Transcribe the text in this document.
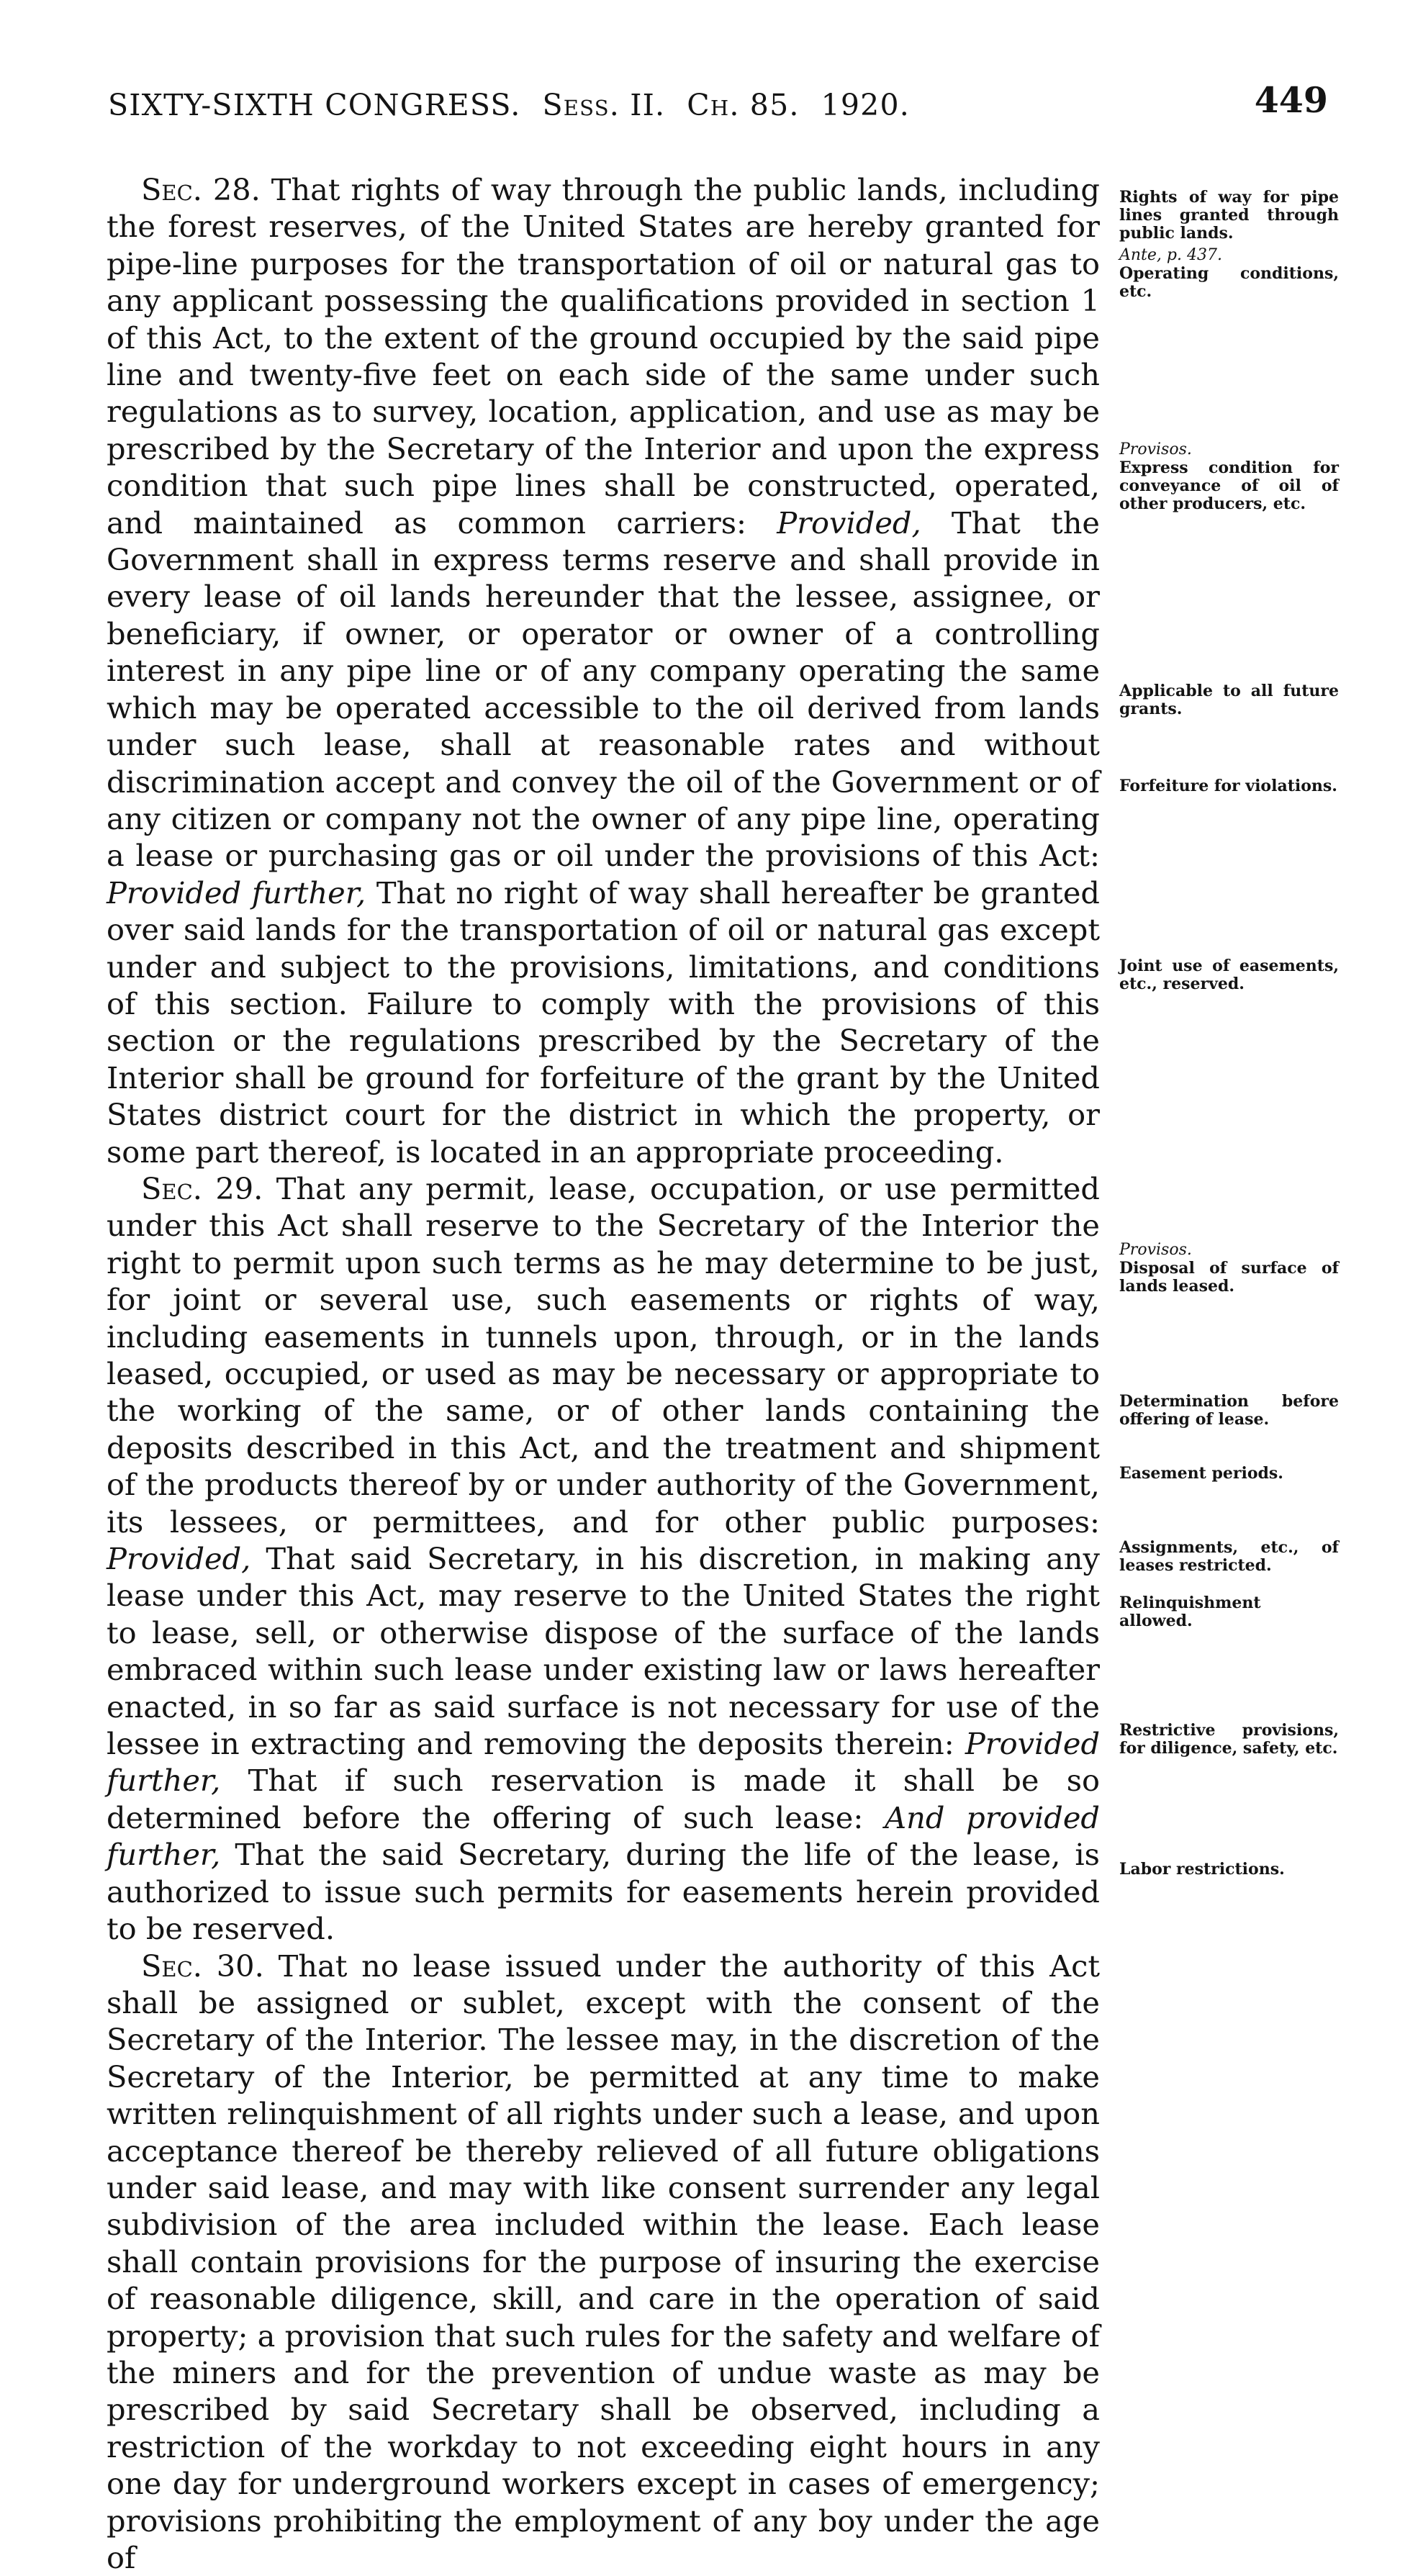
SIXTY-SIXTH CONGRESS. Sess. II. Ch. 85. 1920.	449

Sec. 28. That rights of way through the public lands, including the forest reserves, of the United States are hereby granted for pipe-line purposes for the transportation of oil or natural gas to any applicant possessing the qualifications provided in section 1 of this Act, to the extent of the ground occupied by the said pipe line and twenty-five feet on each side of the same under such regulations as to survey, location, application, and use as may be prescribed by the Secretary of the Interior and upon the express condition that such pipe lines shall be constructed, operated, and maintained as common carriers: Provided, That the Government shall in express terms reserve and shall provide in every lease of oil lands hereunder that the lessee, assignee, or beneficiary, if owner, or operator or owner of a controlling interest in any pipe line or of any company operating the same which may be operated accessible to the oil derived from lands under such lease, shall at reasonable rates and without discrimination accept and convey the oil of the Government or of any citizen or company not the owner of any pipe line, operating a lease or purchasing gas or oil under the provisions of this Act: Provided further, That no right of way shall hereafter be granted over said lands for the transportation of oil or natural gas except under and subject to the provisions, limitations, and conditions of this section. Failure to comply with the provisions of this section or the regulations prescribed by the Secretary of the Interior shall be ground for forfeiture of the grant by the United States district court for the district in which the property, or some part thereof, is located in an appropriate proceeding.

Sec. 29. That any permit, lease, occupation, or use permitted under this Act shall reserve to the Secretary of the Interior the right to permit upon such terms as he may determine to be just, for joint or several use, such easements or rights of way, including easements in tunnels upon, through, or in the lands leased, occupied, or used as may be necessary or appropriate to the working of the same, or of other lands containing the deposits described in this Act, and the treatment and shipment of the products thereof by or under authority of the Government, its lessees, or permittees, and for other public purposes: Provided, That said Secretary, in his discretion, in making any lease under this Act, may reserve to the United States the right to lease, sell, or otherwise dispose of the surface of the lands embraced within such lease under existing law or laws hereafter enacted, in so far as said surface is not necessary for use of the lessee in extracting and removing the deposits therein: Provided further, That if such reservation is made it shall be so determined before the offering of such lease: And provided further, That the said Secretary, during the life of the lease, is authorized to issue such permits for easements herein provided to be reserved.

Sec. 30. That no lease issued under the authority of this Act shall be assigned or sublet, except with the consent of the Secretary of the Interior. The lessee may, in the discretion of the Secretary of the Interior, be permitted at any time to make written relinquishment of all rights under such a lease, and upon acceptance thereof be thereby relieved of all future obligations under said lease, and may with like consent surrender any legal subdivision of the area included within the lease. Each lease shall contain provisions for the purpose of insuring the exercise of reasonable diligence, skill, and care in the operation of said property; a provision that such rules for the safety and welfare of the miners and for the prevention of undue waste as may be prescribed by said Secretary shall be observed, including a restriction of the workday to not exceeding eight hours in any one day for underground workers except in cases of emergency; provisions prohibiting the employment of any boy under the age of

Rights of way for pipe lines granted through public lands.
Ante, p. 437.
Operating conditions, etc.
Provisos.
Express condition for conveyance of oil of other producers, etc.
Applicable to all future grants.
Forfeiture for violations.
Joint use of easements, etc., reserved.
Provisos.
Disposal of surface of lands leased.
Determination before offering of lease.
Easement periods.
Assignments, etc., of leases restricted.
Relinquishment allowed.
Restrictive provisions, for diligence, safety, etc.
Labor restrictions.
